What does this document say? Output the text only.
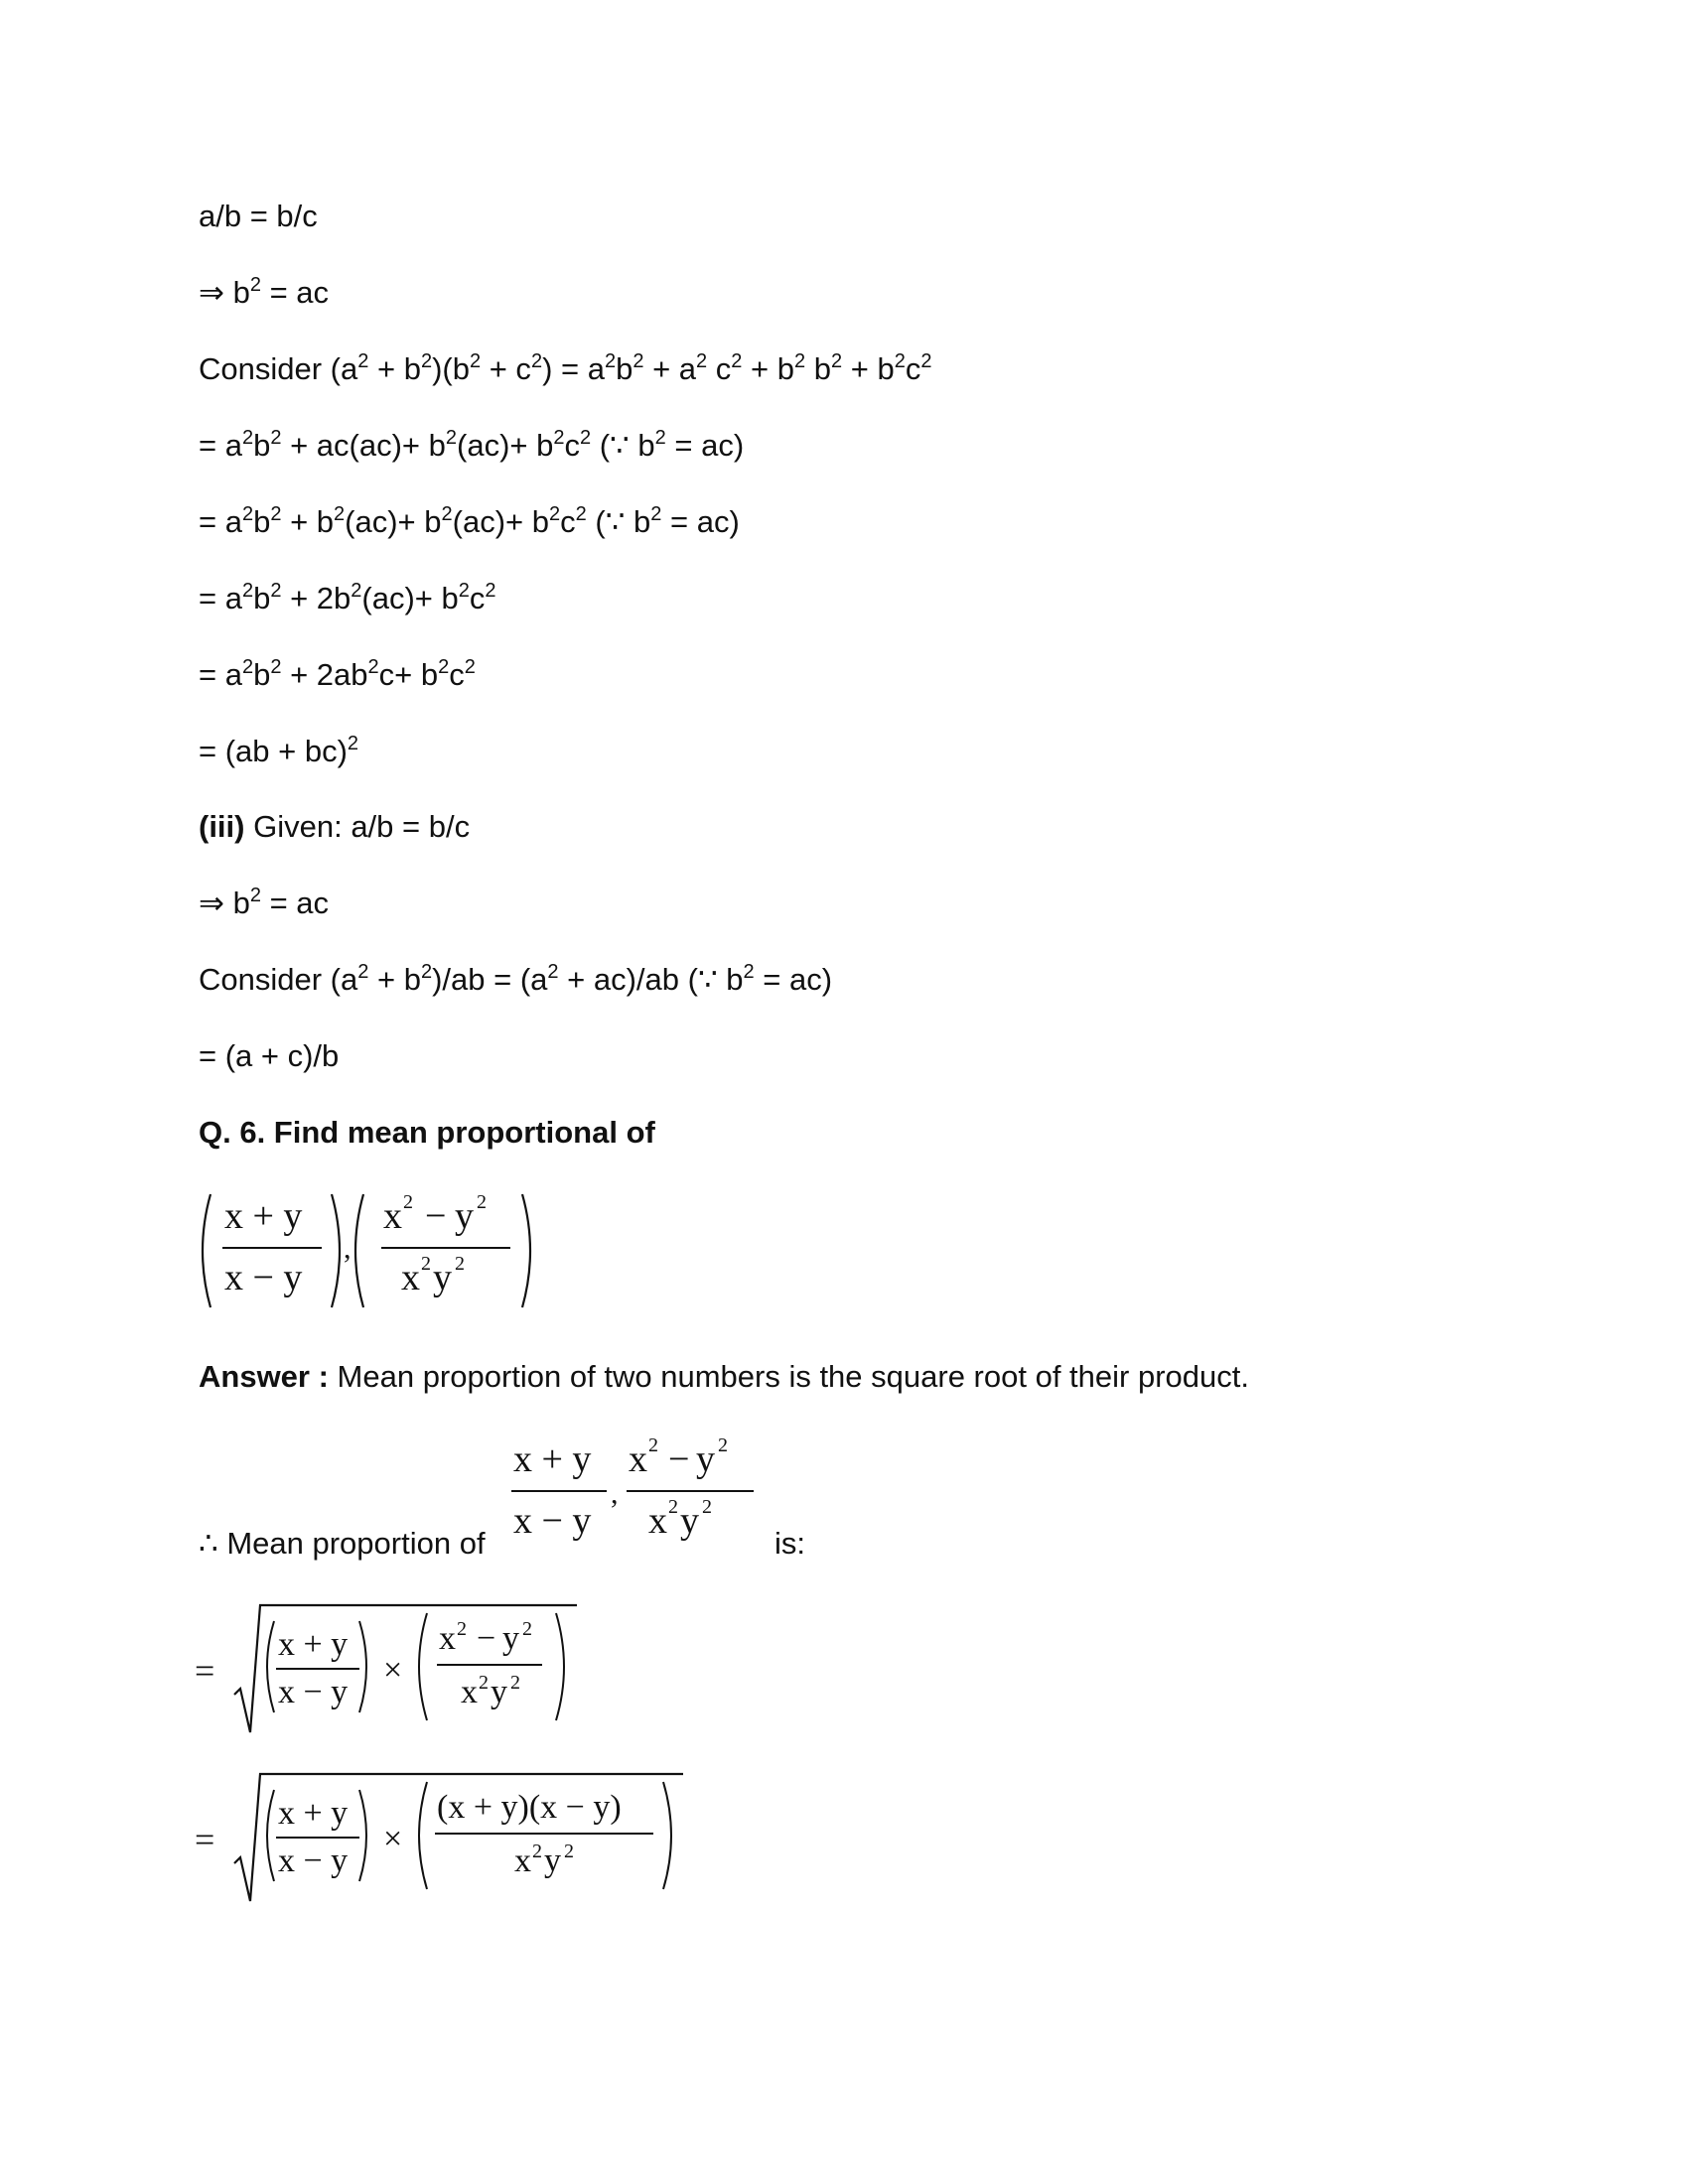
a/b = b/c
⇒ $b^2$ = ac
Consider $(a^2 + b^2)(b^2 + c^2) = a^2b^2 + a^2$ $c^2 + b^2$ $b^2 + b^2c^2$
= $a^2b^2 + ac(ac)+ b^2(ac)+ b^2c^2$ (∵ $b^2 = ac$)
= $a^2b^2 + b^2(ac)+ b^2(ac)+ b^2c^2$ (∵ $b^2 = ac$)
= $a^2b^2 + 2b^2(ac)+ b^2c^2$
= $a^2b^2 + 2ab^2c+ b^2c^2$
= (ab + bc)$^2$
(iii) Given: a/b = b/c
⇒ $b^2$ = ac
Consider $(a^2 + b^2)/ab = (a^2 + ac)/ab$ (∵ $b^2 = ac$)
= (a + c)/b
Q. 6. Find mean proportional of
x + y
x − y
,
x 2 − y 2
x 2 y 2
Answer : Mean proportion of two numbers is the square root of their product.
∴ Mean proportion of
x + y
x − y
,
x 2 − y 2
x 2 y 2
is:
=
x + y
x − y
×
x 2 − y 2
x 2 y 2
=
x + y
x − y
×
(x + y)(x − y)
x 2 y 2
